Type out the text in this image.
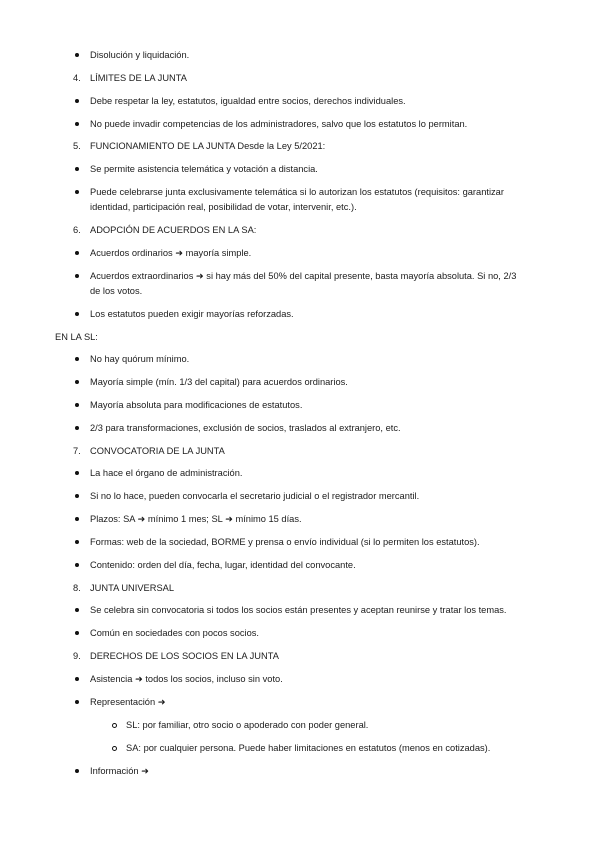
Disolución y liquidación.
4. LÍMITES DE LA JUNTA
Debe respetar la ley, estatutos, igualdad entre socios, derechos individuales.
No puede invadir competencias de los administradores, salvo que los estatutos lo permitan.
5. FUNCIONAMIENTO DE LA JUNTA Desde la Ley 5/2021:
Se permite asistencia telemática y votación a distancia.
Puede celebrarse junta exclusivamente telemática si lo autorizan los estatutos (requisitos: garantizar
identidad, participación real, posibilidad de votar, intervenir, etc.).
6. ADOPCIÓN DE ACUERDOS EN LA SA:
Acuerdos ordinarios ➜ mayoría simple.
Acuerdos extraordinarios ➜ si hay más del 50% del capital presente, basta mayoría absoluta. Si no, 2/3
de los votos.
Los estatutos pueden exigir mayorías reforzadas.
EN LA SL:
No hay quórum mínimo.
Mayoría simple (mín. 1/3 del capital) para acuerdos ordinarios.
Mayoría absoluta para modificaciones de estatutos.
2/3 para transformaciones, exclusión de socios, traslados al extranjero, etc.
7. CONVOCATORIA DE LA JUNTA
La hace el órgano de administración.
Si no lo hace, pueden convocarla el secretario judicial o el registrador mercantil.
Plazos: SA ➜ mínimo 1 mes; SL ➜ mínimo 15 días.
Formas: web de la sociedad, BORME y prensa o envío individual (si lo permiten los estatutos).
Contenido: orden del día, fecha, lugar, identidad del convocante.
8. JUNTA UNIVERSAL
Se celebra sin convocatoria si todos los socios están presentes y aceptan reunirse y tratar los temas.
Común en sociedades con pocos socios.
9. DERECHOS DE LOS SOCIOS EN LA JUNTA
Asistencia ➜ todos los socios, incluso sin voto.
Representación ➜
SL: por familiar, otro socio o apoderado con poder general.
SA: por cualquier persona. Puede haber limitaciones en estatutos (menos en cotizadas).
Información ➜
